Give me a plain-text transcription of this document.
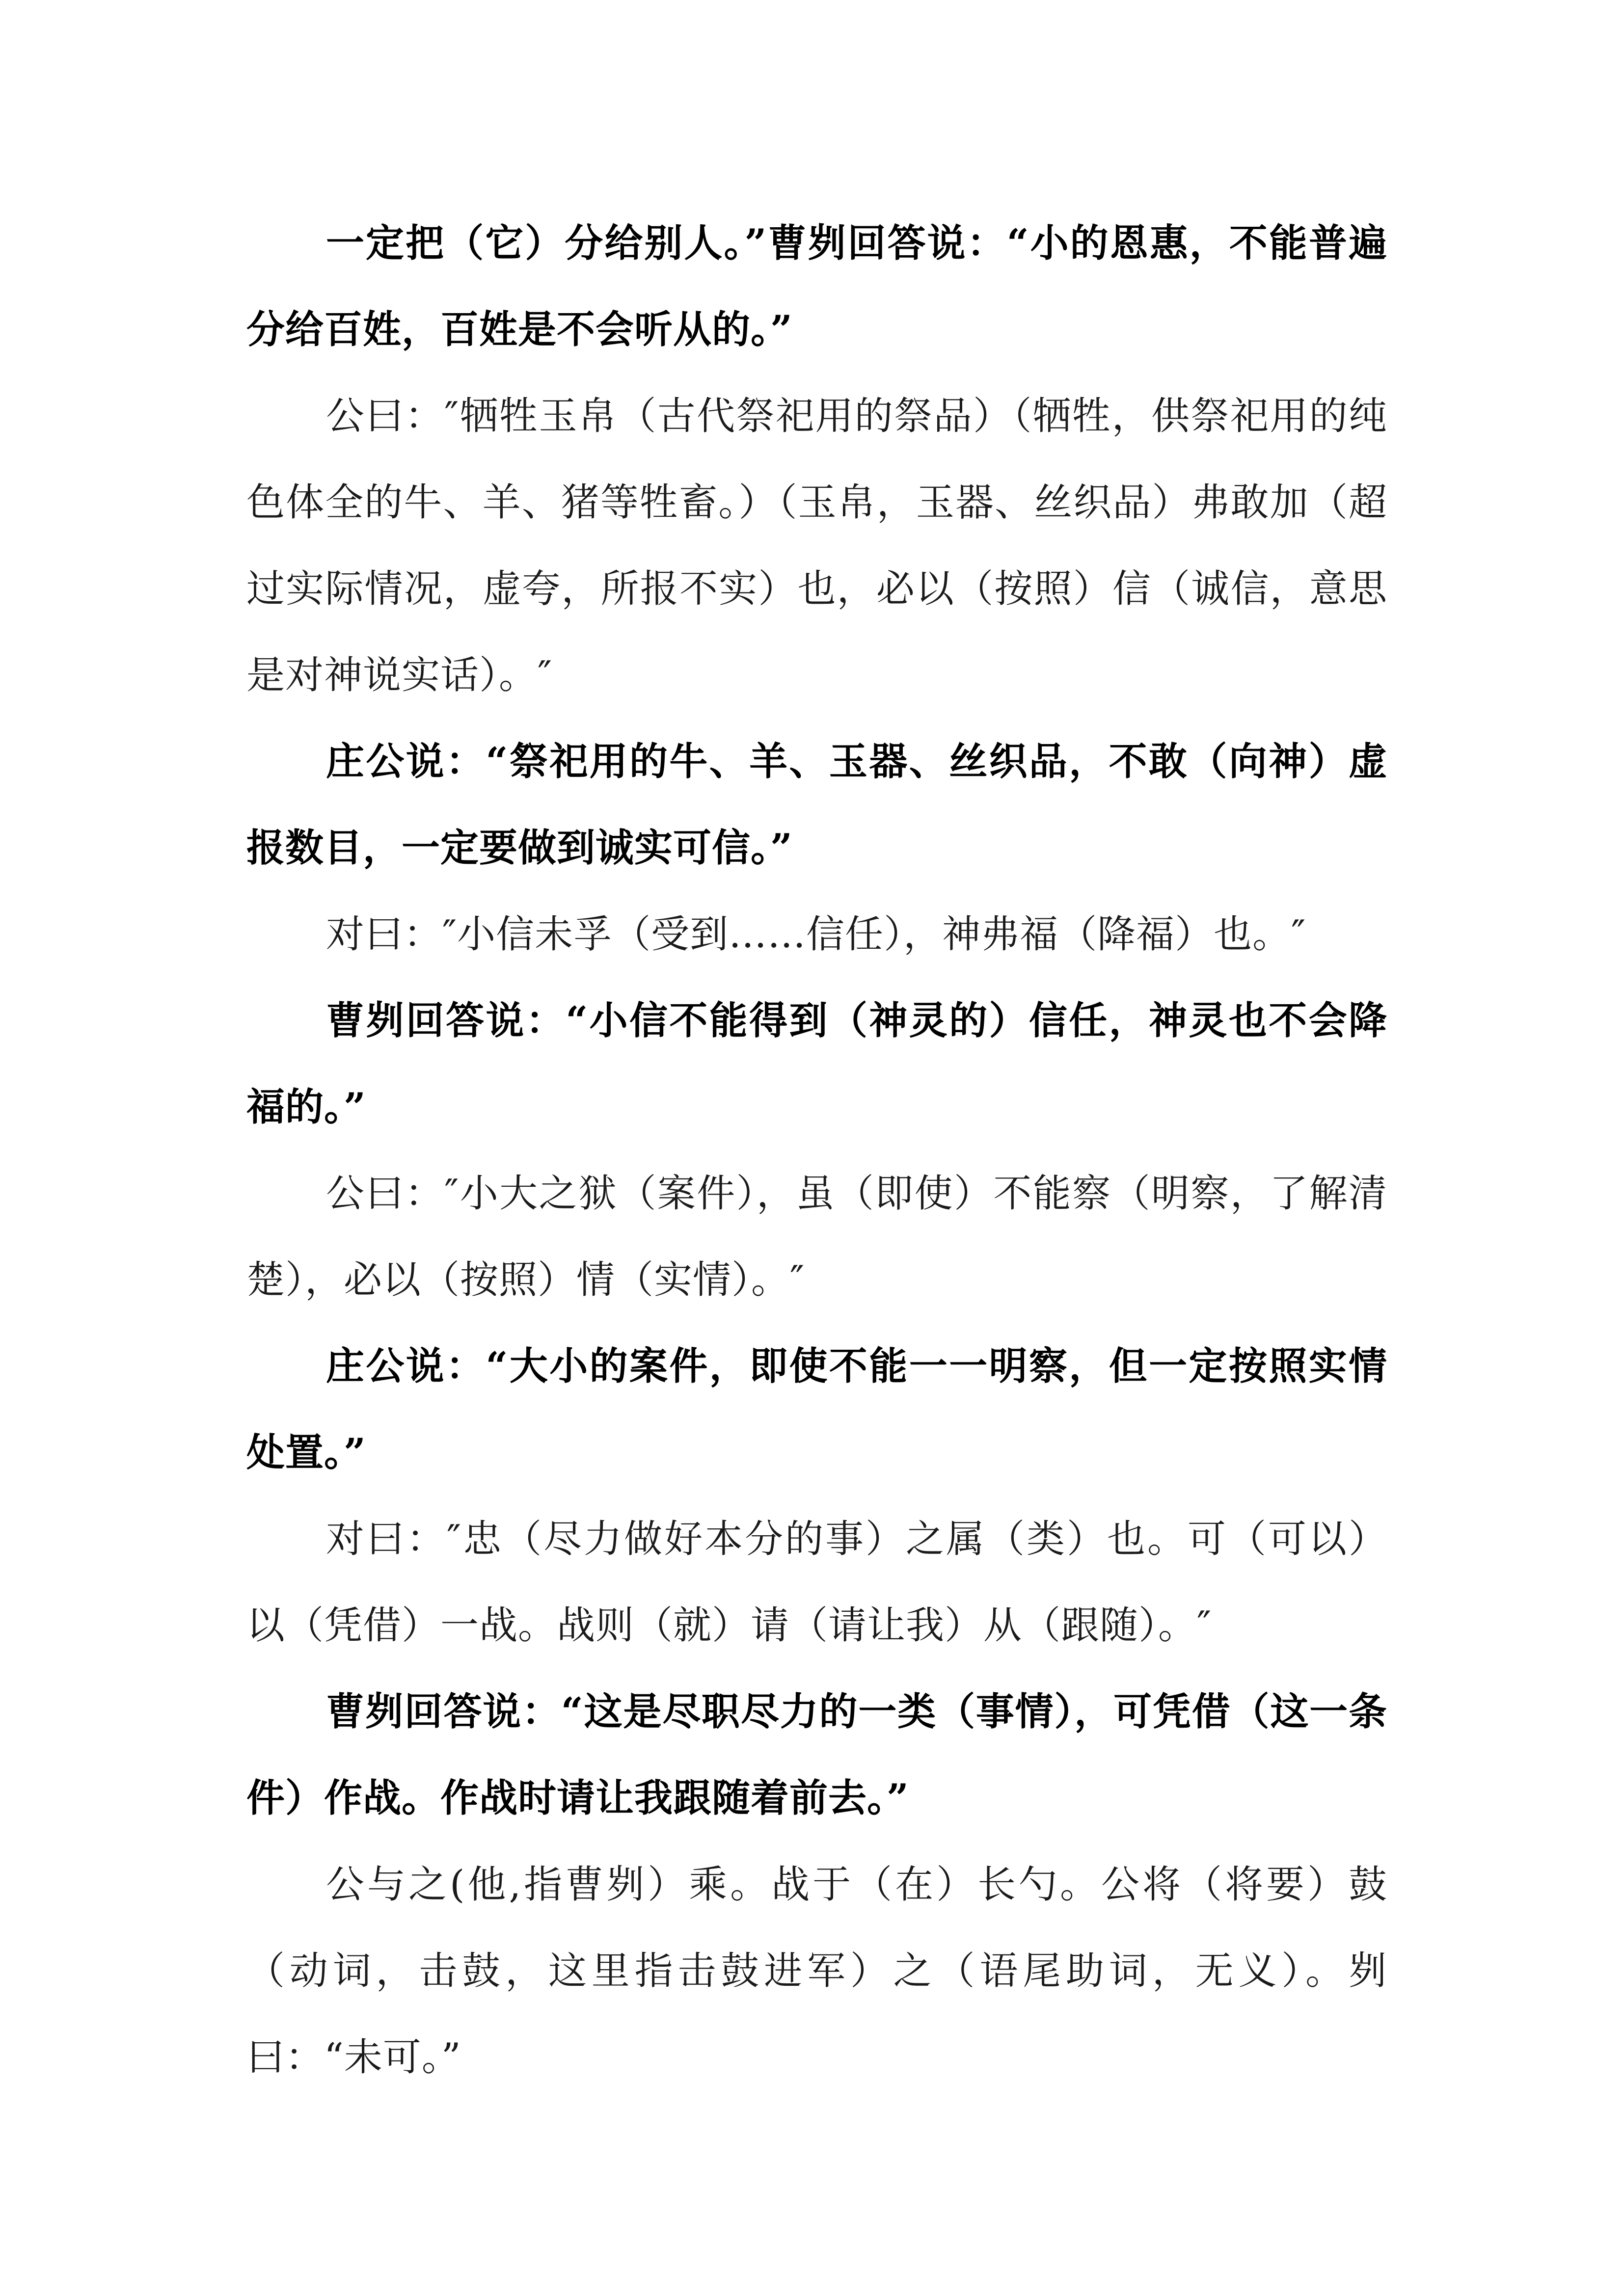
一定把（它）分给别人。”曹刿回答说：“小的恩惠，不能普遍分给百姓，百姓是不会听从的。”

公曰：″牺牲玉帛（古代祭祀用的祭品）（牺牲，供祭祀用的纯色体全的牛、羊、猪等牲畜。）（玉帛，玉器、丝织品）弗敢加（超过实际情况，虚夸，所报不实）也，必以（按照）信（诚信，意思是对神说实话）。″

庄公说：“祭祀用的牛、羊、玉器、丝织品，不敢（向神）虚报数目，一定要做到诚实可信。”

对曰：″小信未孚（受到……信任），神弗福（降福）也。″

曹刿回答说：“小信不能得到（神灵的）信任，神灵也不会降福的。”

公曰：″小大之狱（案件），虽（即使）不能察（明察，了解清楚），必以（按照）情（实情）。″

庄公说：“大小的案件，即使不能一一明察，但一定按照实情处置。”

对曰：″忠（尽力做好本分的事）之属（类）也。可（可以）以（凭借）一战。战则（就）请（请让我）从（跟随）。″

曹刿回答说：“这是尽职尽力的一类（事情），可凭借（这一条件）作战。作战时请让我跟随着前去。”

公与之(他,指曹刿）乘。战于（在）长勺。公将（将要）鼓（动词，击鼓，这里指击鼓进军）之（语尾助词，无义）。刿曰：“未可。”
